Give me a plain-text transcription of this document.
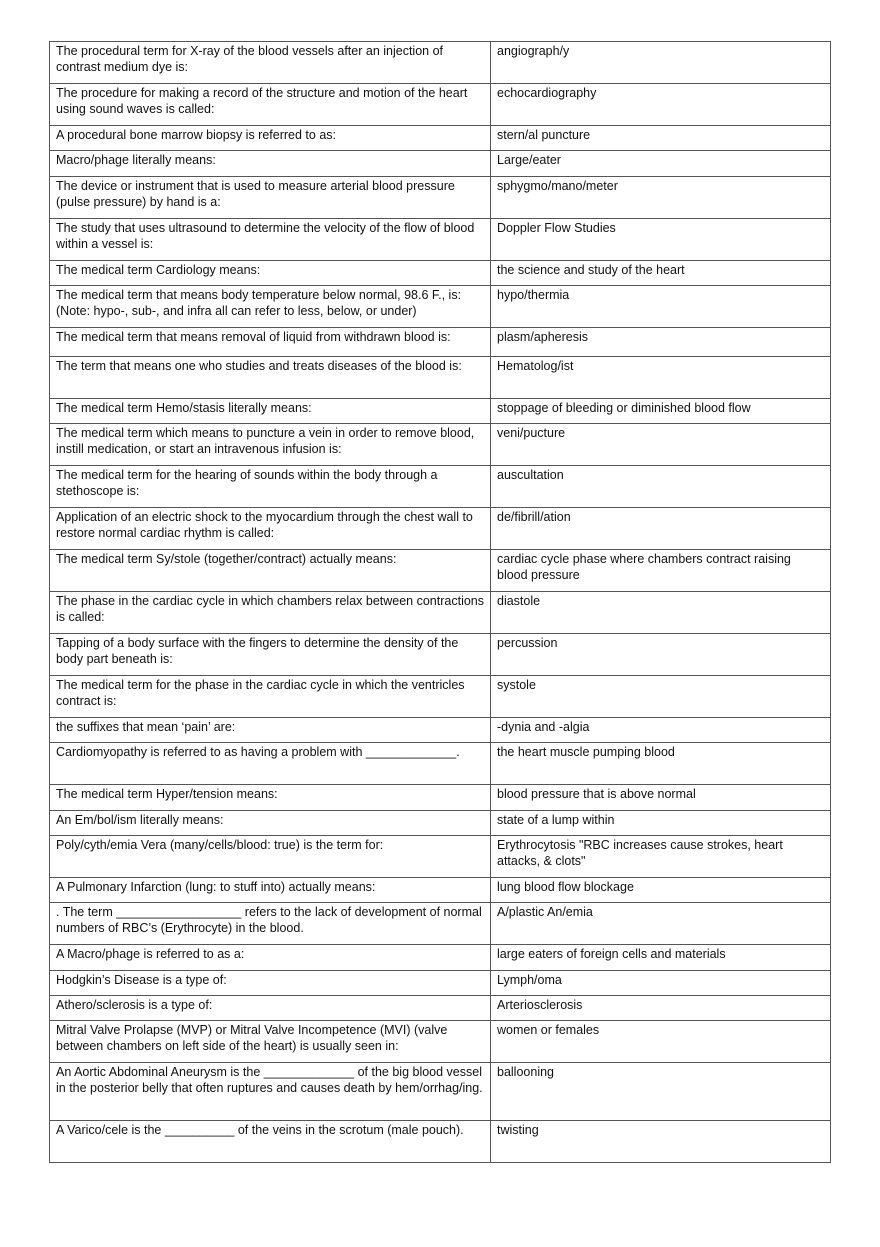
The procedural term for X-ray of the blood vessels after an injection of contrast medium dye is:	angiograph/y
The procedure for making a record of the structure and motion of the heart using sound waves is called:	echocardiography
A procedural bone marrow biopsy is referred to as:	stern/al puncture
Macro/phage literally means:	Large/eater
The device or instrument that is used to measure arterial blood pressure (pulse pressure) by hand is a:	sphygmo/mano/meter
The study that uses ultrasound to determine the velocity of the flow of blood within a vessel is:	Doppler Flow Studies
The medical term Cardiology means:	the science and study of the heart
The medical term that means body temperature below normal, 98.6 F., is: (Note: hypo-, sub-, and infra all can refer to less, below, or under)	hypo/thermia
The medical term that means removal of liquid from withdrawn blood is:	plasm/apheresis
The term that means one who studies and treats diseases of the blood is:	Hematolog/ist
The medical term Hemo/stasis literally means:	stoppage of bleeding or diminished blood flow
The medical term which means to puncture a vein in order to remove blood, instill medication, or start an intravenous infusion is:	veni/pucture
The medical term for the hearing of sounds within the body through a stethoscope is:	auscultation
Application of an electric shock to the myocardium through the chest wall to restore normal cardiac rhythm is called:	de/fibrill/ation
The medical term Sy/stole (together/contract) actually means:	cardiac cycle phase where chambers contract raising blood pressure
The phase in the cardiac cycle in which chambers relax between contractions is called:	diastole
Tapping of a body surface with the fingers to determine the density of the body part beneath is:	percussion
The medical term for the phase in the cardiac cycle in which the ventricles contract is:	systole
the suffixes that mean ‘pain’ are:	-dynia and -algia
Cardiomyopathy is referred to as having a problem with _____________.	the heart muscle pumping blood
The medical term Hyper/tension means:	blood pressure that is above normal
An Em/bol/ism literally means:	state of a lump within
Poly/cyth/emia Vera (many/cells/blood: true) is the term for:	Erythrocytosis "RBC increases cause strokes, heart attacks, & clots"
A Pulmonary Infarction (lung: to stuff into) actually means:	lung blood flow blockage
. The term __________________ refers to the lack of development of normal numbers of RBC’s (Erythrocyte) in the blood.	A/plastic An/emia
A Macro/phage is referred to as a:	large eaters of foreign cells and materials
Hodgkin’s Disease is a type of:	Lymph/oma
Athero/sclerosis is a type of:	Arteriosclerosis
Mitral Valve Prolapse (MVP) or Mitral Valve Incompetence (MVI) (valve between chambers on left side of the heart) is usually seen in:	women or females
An Aortic Abdominal Aneurysm is the _____________ of the big blood vessel in the posterior belly that often ruptures and causes death by hem/orrhag/ing.	ballooning
A Varico/cele is the __________ of the veins in the scrotum (male pouch).	twisting
